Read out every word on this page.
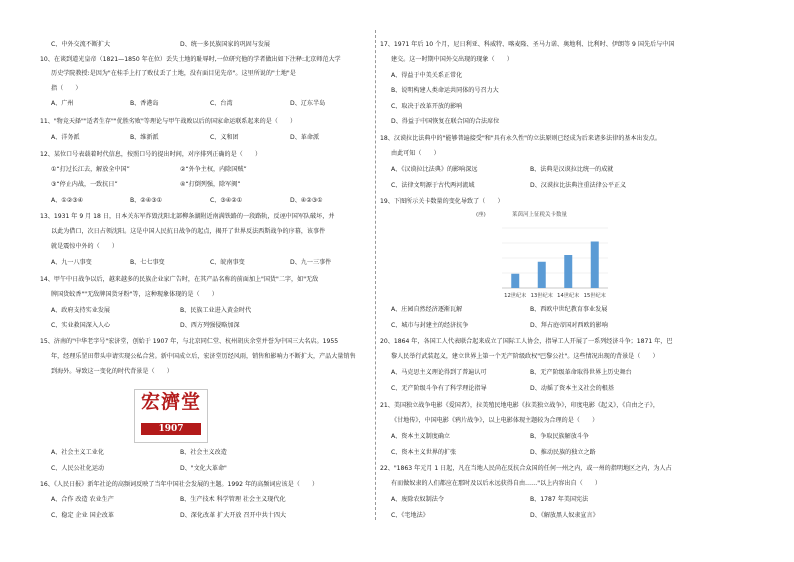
C、中外交流不断扩大	D、统一多民族国家的巩固与发展
10、在谈到道光皇帝（1821—1850 年在位）丢失土地的耻辱时,一位研究他的学者做出如下注释:北京师范大学
历史学院教授:是因为"在桂手上打了败仗丢了土地，没有面目见先帝"。这里所说的"土地"是
指（　　）
A、广州	B、香港岛	C、台湾	D、辽东半岛
11、"物竞天择""适者生存""优胜劣败"等理论与甲午战败以后的国家命运联系起来的是（　　）
A、洋务派	B、维新派	C、义和团	D、革命派
12、某位口号表载着时代信息，按照口号的提出时间，对序排列正确的是（　　）
①“打过长江去，解放全中国”	②“外争主权，内除国贼”
③“停止内战，一致抗日”	④“打倒列强，除军阀”
A、①②③④	B、②④③①	C、③④②①	D、④②③①
13、1931 年 9 月 18 日，日本关东军炸毁沈阳北部柳条湖附近南满铁路的一段路轨，反诬中国军队破坏，并
以此为借口，次日占领沈阳。这是中国人民抗日战争的起点，揭开了世界反法西斯战争的序幕，该事件
就是震惊中外的（　　）
A、九一八事变	B、七七事变	C、皖南事变	D、九一三事件
14、甲午中日战争以后，越来越多的民族企业家广告时，在其产品名称的前面加上"国货"二字，如"无敌
牌国货蚊香""无敌牌国货牙粉"等，这种现象体现的是（　　）
A、政府支持实业发展	B、民族工业进入黄金时代
C、实业救国深入人心	D、西方列强侵略加深
15、济南的"中华老字号"宏济堂，创始于 1907 年，与北京同仁堂、杭州胡庆余堂并誉为中国三大名店。1955
年，经理乐罡田带头申请实现公私合营。新中国成立后，宏济堂历经风雨，销售和影响力不断扩大，产品大量销售
到海外。导致这一变化的时代背景是（　　）
A、社会主义工业化	B、社会主义改造
C、人民公社化运动	D、"文化大革命"
16、《人民日报》新年社论的高频词反映了当年中国社会发展的主题。1992 年的高频词应该是（　　）
A、合作 改造 农业生产	B、生产技术 科学管理 社会主义现代化
C、稳定 企业 国企改革	D、深化改革 扩大开放 召开中共十四大
宏濟堂
1907
17、1971 年后 10 个月，尼日利亚、科威特、喀麦隆、圣马力诺、奥地利、比利时、伊朗等 9 国先后与中国
建交。这一时期中国外交出现的现象（　　）
A、得益于中美关系正常化
B、说明构建人类命运共同体的号召力大
C、取决于改革开放的影响
D、得益于中国恢复在联合国的合法席位
18、汉谟拉比法典中的"能够普遍接受"和"具有永久性"的立法原则已经成为后来诸多法律的基本出发点。
由此可知（　　）
A、《汉谟拉比法典》的影响深远	B、法典是汉谟拉比统一的成就
C、法律文明源于古代两河流域	D、汉谟拉比法典注重法律公平正义
19、下图所示关卡数量的变化导致了（　　）
A、庄园自然经济逐渐瓦解	B、西欧中世纪教育事业发展
C、城市与封建主的经济抗争	D、拜占庭帝国对西欧的影响
20、1864 年，各国工人代表联合起来成立了国际工人协会，指导工人开展了一系列经济斗争；1871 年，巴
黎人民举行武装起义，建立世界上第一个无产阶级政权"巴黎公社"。这些情况出现的背景是（　　）
A、马克思主义理论得到了普遍认可	B、无产阶级革命取得世界上历史舞台
C、无产阶级斗争有了科学理论指导	D、动摇了资本主义社会的根基
21、美国独立战争电影《爱国者》，拉美殖民地电影《拉美独立战争》，印度电影《起义》，《自由之子》，
《甘地传》，中国电影《鸦片战争》，以上电影体现主题较为合理的是（　　）
A、资本主义制度确立	B、争取民族解放斗争
C、资本主义世界的扩张	D、推动民族的独立之路
22、"1863 年元月 1 日起，凡在当地人民尚在反抗合众国的任何一州之内，或一州的指明地区之内，为人占
有而做奴隶的人们都应在那时及以后永远获得自由……"以上内容出自（　　）
A、废除农奴制法令	B、1787 年美国宪法
C、《宅地法》	D、《解放黑人奴隶宣言》
莱茵河上征税关卡数量
(座)
12世纪末 13世纪末 14世纪末 15世纪末
